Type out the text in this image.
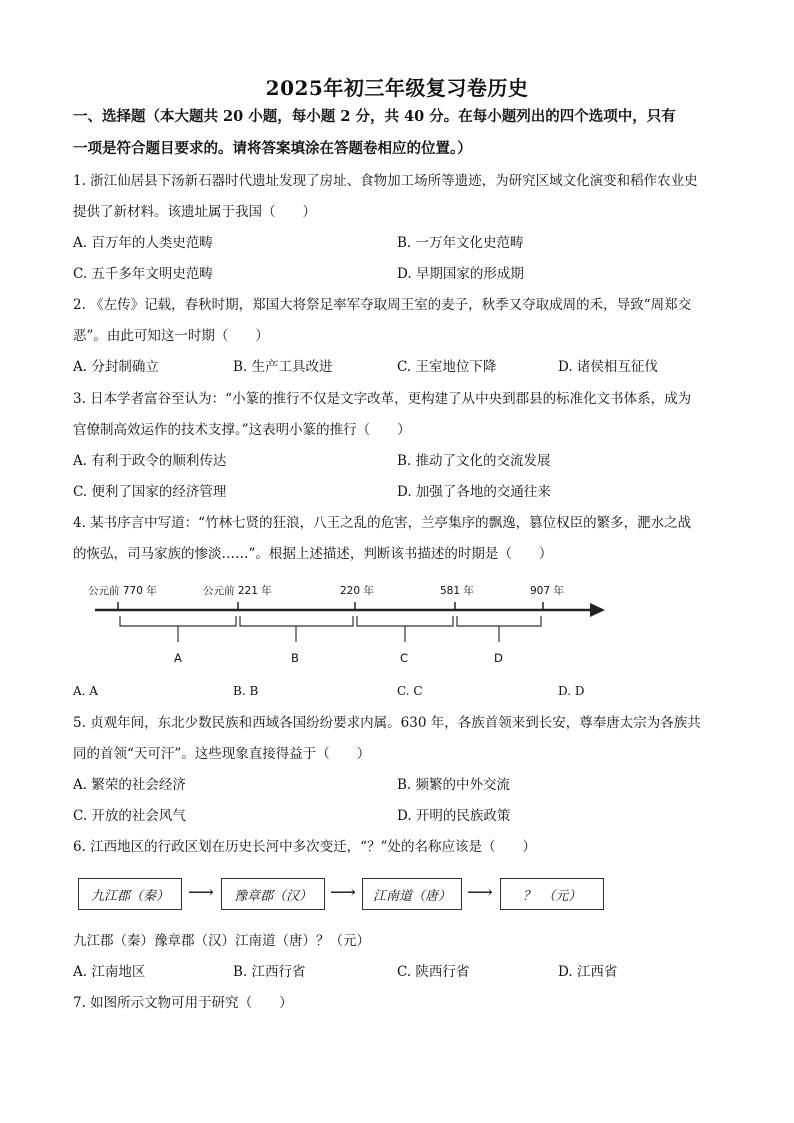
2025年初三年级复习卷历史
一、选择题（本大题共 20 小题，每小题 2 分，共 40 分。在每小题列出的四个选项中，只有
一项是符合题目要求的。请将答案填涂在答题卷相应的位置。）
1. 浙江仙居县下汤新石器时代遗址发现了房址、食物加工场所等遗迹，为研究区域文化演变和稻作农业史
提供了新材料。该遗址属于我国（　　）
A. 百万年的人类史范畴	B. 一万年文化史范畴
C. 五千多年文明史范畴	D. 早期国家的形成期
2. 《左传》记载，春秋时期，郑国大将祭足率军夺取周王室的麦子，秋季又夺取成周的禾，导致“周郑交
恶”。由此可知这一时期（　　）
A. 分封制确立	B. 生产工具改进	C. 王室地位下降	D. 诸侯相互征伐
3. 日本学者富谷至认为：“小篆的推行不仅是文字改革，更构建了从中央到郡县的标准化文书体系，成为
官僚制高效运作的技术支撑。”这表明小篆的推行（　　）
A. 有利于政令的顺利传达	B. 推动了文化的交流发展
C. 便利了国家的经济管理	D. 加强了各地的交通往来
4. 某书序言中写道：“竹林七贤的狂浪，八王之乱的危害，兰亭集序的飘逸，篡位权臣的繁多，淝水之战
的恢弘，司马家族的惨淡……”。根据上述描述，判断该书描述的时期是（　　）
公元前 770 年	公元前 221 年	220 年	581 年	907 年
A	B	C	D
A. A	B. B	C. C	D. D
5. 贞观年间，东北少数民族和西域各国纷纷要求内属。630 年，各族首领来到长安，尊奉唐太宗为各族共
同的首领“天可汗”。这些现象直接得益于（　　）
A. 繁荣的社会经济	B. 频繁的中外交流
C. 开放的社会风气	D. 开明的民族政策
6. 江西地区的行政区划在历史长河中多次变迁，“？”处的名称应该是（　　）
九江郡（秦）	⟶	豫章郡（汉）	⟶	江南道（唐） ⟶	？　（元）
九江郡（秦）豫章郡（汉）江南道（唐）？（元）
A. 江南地区	B. 江西行省	C. 陕西行省	D. 江西省
7. 如图所示文物可用于研究（　　）
